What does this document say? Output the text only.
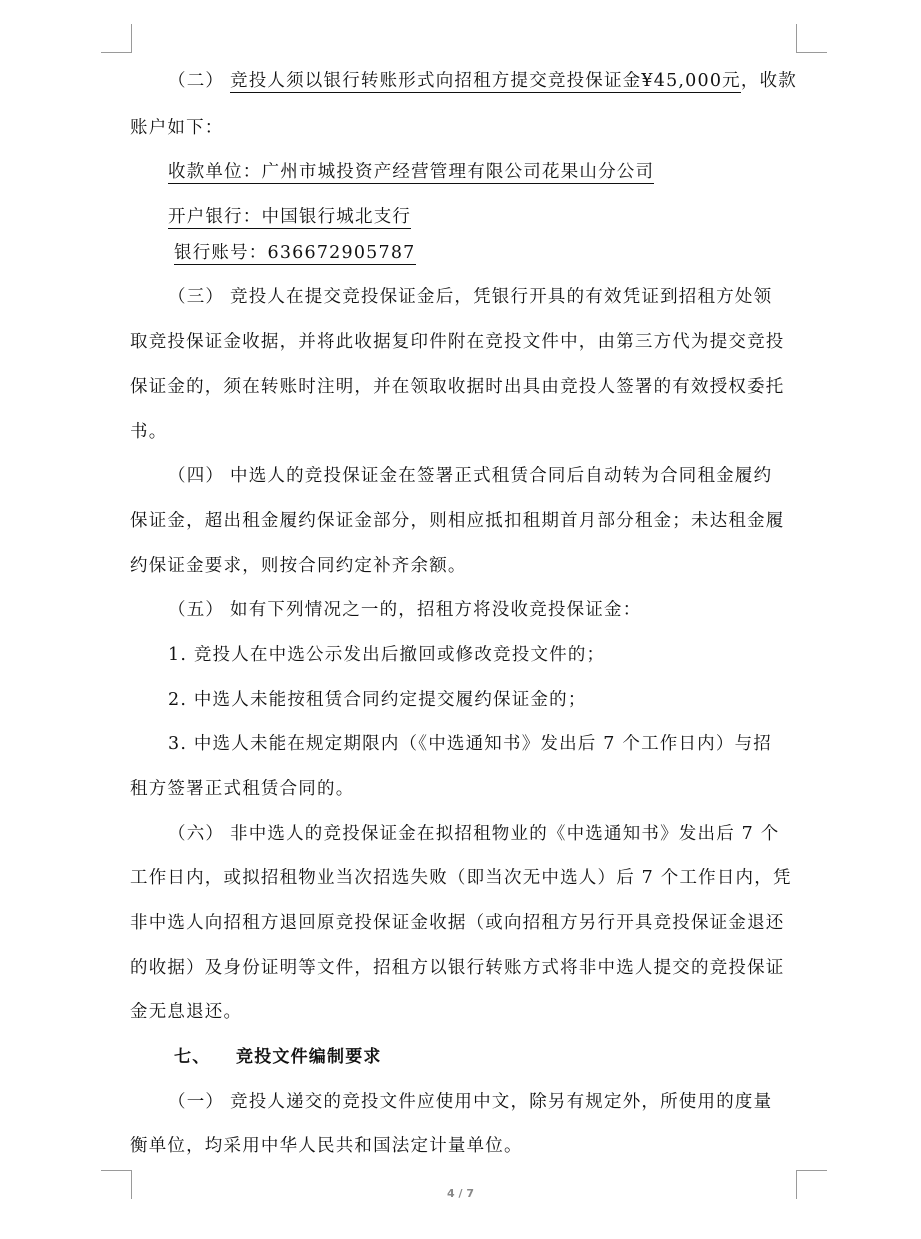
（二） 竞投人须以银行转账形式向招租方提交竞投保证金¥45,000元，收款
账户如下：
收款单位：广州市城投资产经营管理有限公司花果山分公司
开户银行：中国银行城北支行
银行账号：636672905787
（三） 竞投人在提交竞投保证金后，凭银行开具的有效凭证到招租方处领
取竞投保证金收据，并将此收据复印件附在竞投文件中，由第三方代为提交竞投
保证金的，须在转账时注明，并在领取收据时出具由竞投人签署的有效授权委托
书。
（四） 中选人的竞投保证金在签署正式租赁合同后自动转为合同租金履约
保证金，超出租金履约保证金部分，则相应抵扣租期首月部分租金；未达租金履
约保证金要求，则按合同约定补齐余额。
（五） 如有下列情况之一的，招租方将没收竞投保证金：
1. 竞投人在中选公示发出后撤回或修改竞投文件的；
2. 中选人未能按租赁合同约定提交履约保证金的；
3. 中选人未能在规定期限内（《中选通知书》发出后 7 个工作日内）与招
租方签署正式租赁合同的。
（六） 非中选人的竞投保证金在拟招租物业的《中选通知书》发出后 7 个
工作日内，或拟招租物业当次招选失败（即当次无中选人）后 7 个工作日内，凭
非中选人向招租方退回原竞投保证金收据（或向招租方另行开具竞投保证金退还
的收据）及身份证明等文件，招租方以银行转账方式将非中选人提交的竞投保证
金无息退还。
七、 竞投文件编制要求
（一） 竞投人递交的竞投文件应使用中文，除另有规定外，所使用的度量
衡单位，均采用中华人民共和国法定计量单位。
4 / 7
